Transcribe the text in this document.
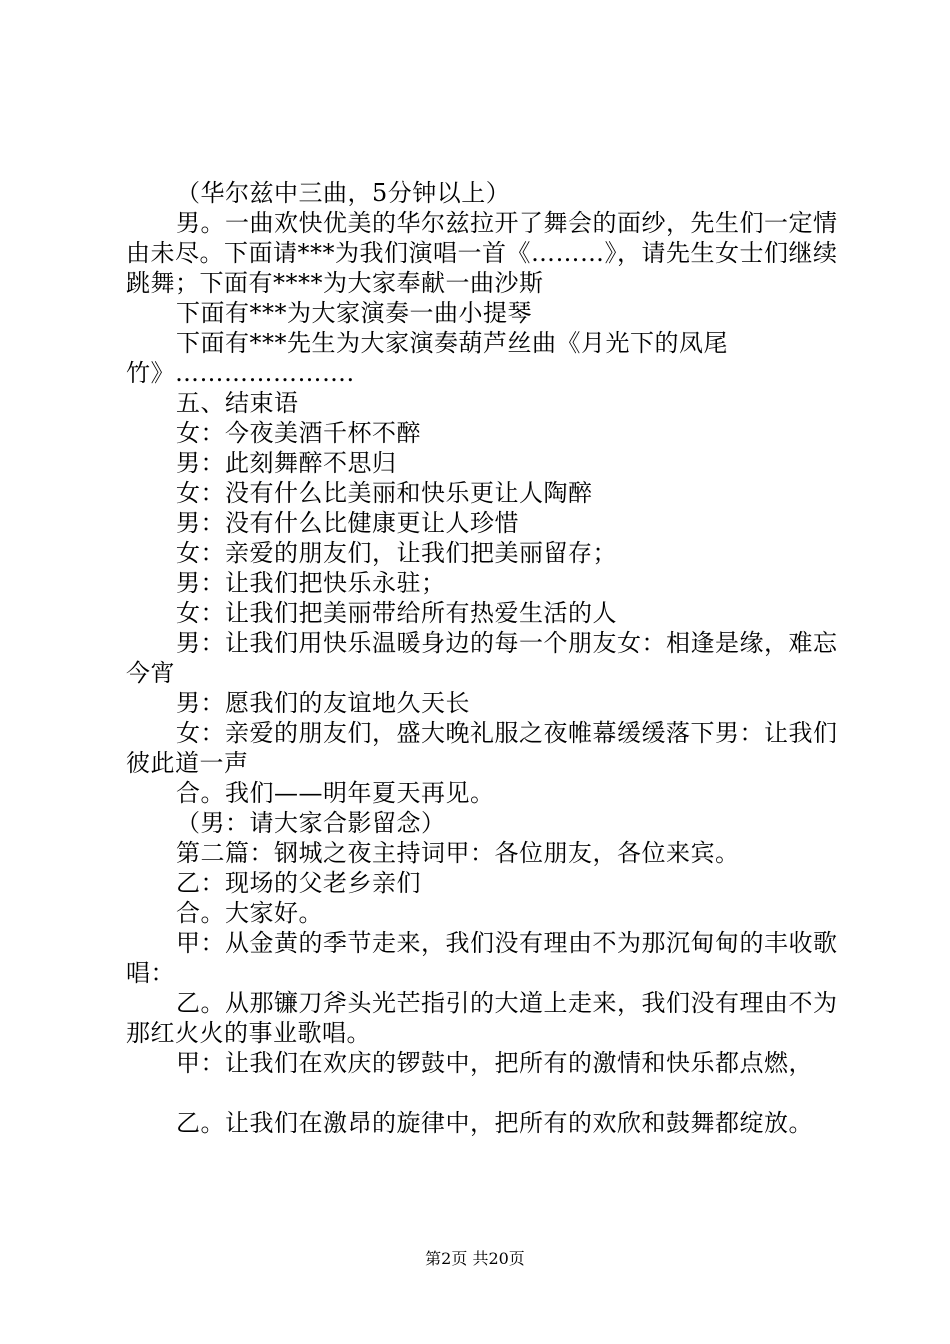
（华尔兹中三曲，5分钟以上）

男。一曲欢快优美的华尔兹拉开了舞会的面纱，先生们一定情由未尽。下面请***为我们演唱一首《………》，请先生女士们继续跳舞；下面有****为大家奉献一曲沙斯

下面有***为大家演奏一曲小提琴

下面有***先生为大家演奏葫芦丝曲《月光下的凤尾竹》………………….

五、结束语

女：今夜美酒千杯不醉

男：此刻舞醉不思归

女：没有什么比美丽和快乐更让人陶醉

男：没有什么比健康更让人珍惜

女：亲爱的朋友们，让我们把美丽留存；

男：让我们把快乐永驻；

女：让我们把美丽带给所有热爱生活的人

男：让我们用快乐温暖身边的每一个朋友女：相逢是缘，难忘今宵

男：愿我们的友谊地久天长

女：亲爱的朋友们，盛大晚礼服之夜帷幕缓缓落下男：让我们彼此道一声

合。我们——明年夏天再见。

（男：请大家合影留念）

第二篇：钢城之夜主持词甲：各位朋友，各位来宾。

乙：现场的父老乡亲们

合。大家好。

甲：从金黄的季节走来，我们没有理由不为那沉甸甸的丰收歌唱：

乙。从那镰刀斧头光芒指引的大道上走来，我们没有理由不为那红火火的事业歌唱。

甲：让我们在欢庆的锣鼓中，把所有的激情和快乐都点燃，

乙。让我们在激昂的旋律中，把所有的欢欣和鼓舞都绽放。

第2页 共20页
